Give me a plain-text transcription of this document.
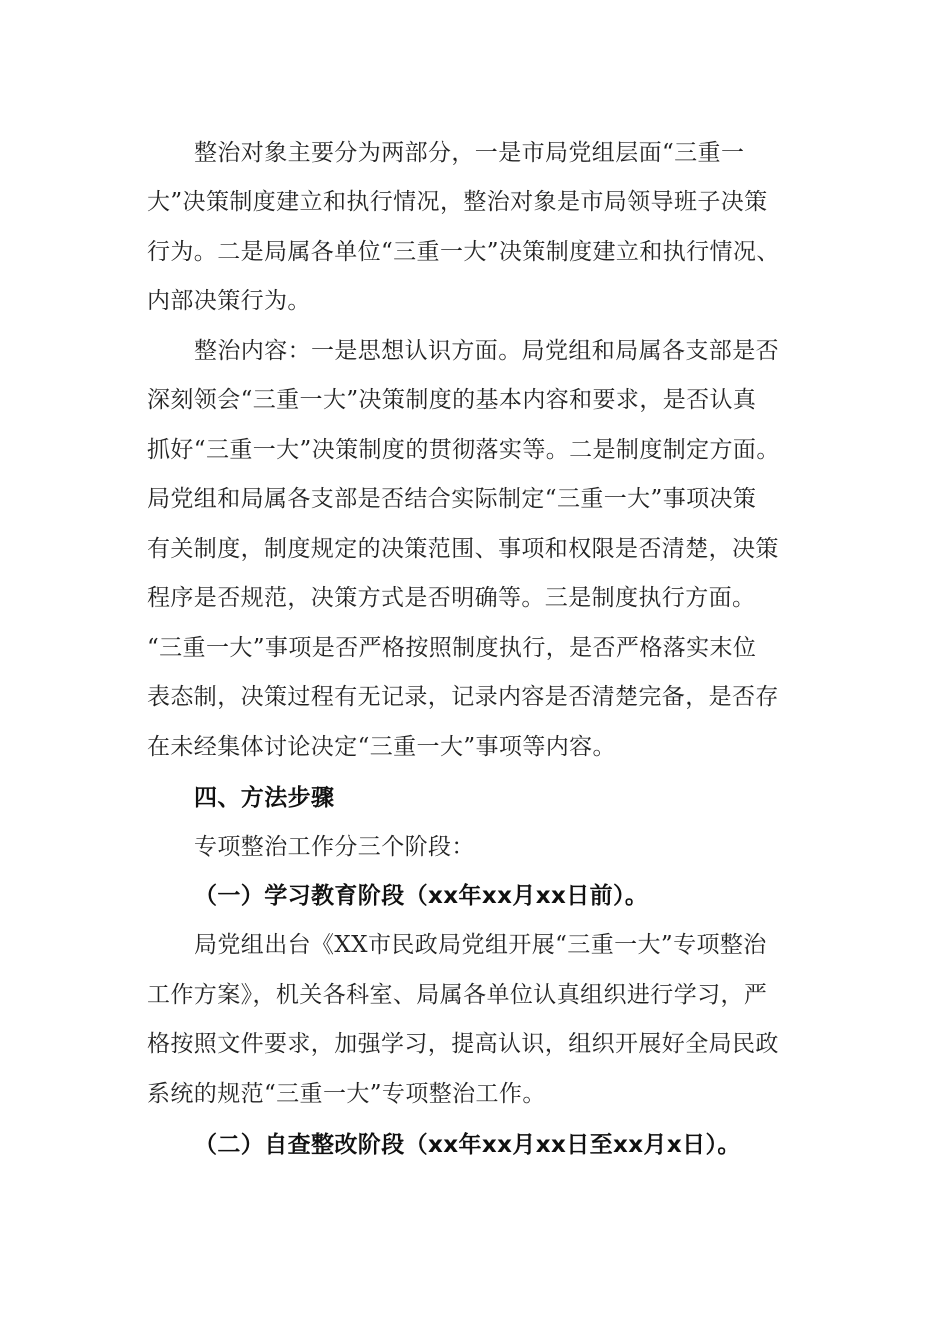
整治对象主要分为两部分，一是市局党组层面“三重一
大”决策制度建立和执行情况，整治对象是市局领导班子决策
行为。二是局属各单位“三重一大”决策制度建立和执行情况、
内部决策行为。
整治内容：一是思想认识方面。局党组和局属各支部是否
深刻领会“三重一大”决策制度的基本内容和要求，是否认真
抓好“三重一大”决策制度的贯彻落实等。二是制度制定方面。
局党组和局属各支部是否结合实际制定“三重一大”事项决策
有关制度，制度规定的决策范围、事项和权限是否清楚，决策
程序是否规范，决策方式是否明确等。三是制度执行方面。
“三重一大”事项是否严格按照制度执行，是否严格落实末位
表态制，决策过程有无记录，记录内容是否清楚完备，是否存
在未经集体讨论决定“三重一大”事项等内容。
四、方法步骤
专项整治工作分三个阶段：
（一）学习教育阶段（xx年xx月xx日前）。
局党组出台《XX市民政局党组开展“三重一大”专项整治
工作方案》，机关各科室、局属各单位认真组织进行学习，严
格按照文件要求，加强学习，提高认识，组织开展好全局民政
系统的规范“三重一大”专项整治工作。
（二）自查整改阶段（xx年xx月xx日至xx月x日）。
